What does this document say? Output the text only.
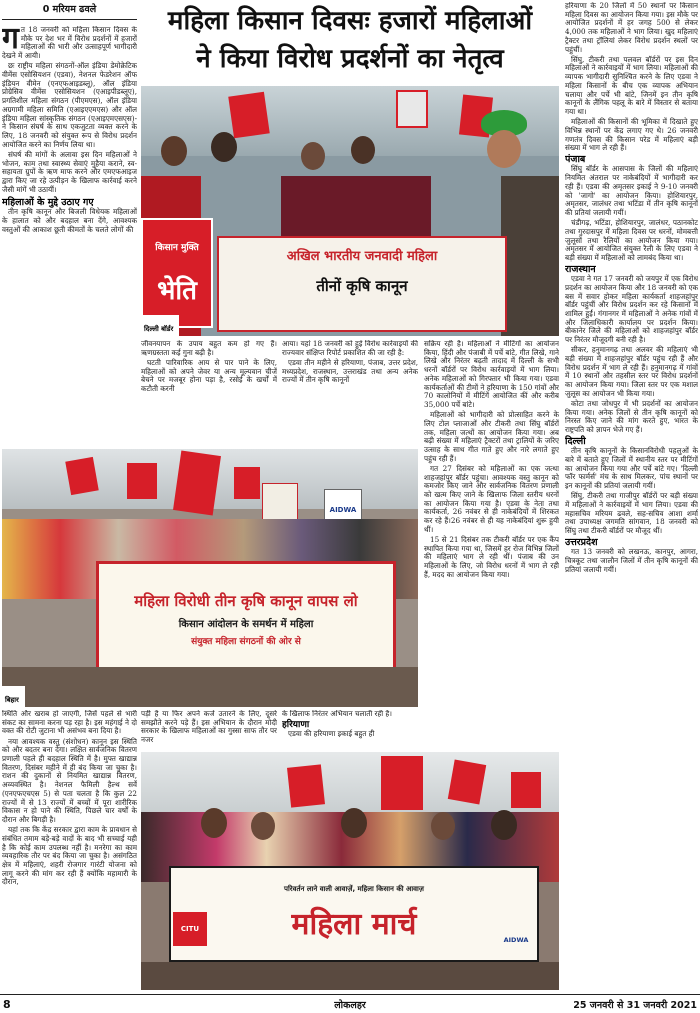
0 मरियम ढवले	महिला किसान दिवसः हजारों महिलाओं
ने किया विरोध प्रदर्शनों का नेतृत्व

ग त 18 जनवरी को महिला किसान दिवस के मौके पर देश भर में विरोध प्रदर्शनों में हजारों महिलाओं की भारी और उत्साहपूर्ण भागीदारी देखने में आयी।

छः राष्ट्रीय महिला संगठनों-ऑल इंडिया डेमोक्रेटिक वीमेंस एसोसियशन (एडवा), नेशनल फेडरेशन ऑफ इंडियन वीमेन (एनएफआइडब्लू), ऑल इंडिया प्रोग्रेसिव वीमेंस एसोसियशन (एआइपीडब्लूए), प्रगतिशील महिला संगठन (पीएमएस), ऑल इंडिया अग्रगामी महिला समिति (एआइएएमएस) और ऑल इंडिया महिला सांस्कृतिक संगठन (एआइएमएसएस)-ने किसान संघर्ष के साथ एकजुटता व्यक्त करने के लिए, 18 जनवरी को संयुक्त रूप से विरोध प्रदर्शन आयोजित करने का निर्णय लिया था।

संघर्ष की मांगों के अलावा इस दिन महिलाओं ने भोजन, काम तथा स्वास्थ्य सेवाएं मुहैया कराने, स्व-सहायता ग्रुपों के ऋण माफ करने और एमएफआइज द्वारा किए जा रहे उत्पीड़न के खिलाफ कार्रवाई करने जैसी मांगें भी उठायीं।

महिलाओं के मुद्दे उठाए गए

तीन कृषि कानून और बिजली विधेयक महिलाओं के हालात को और बदहाल बना देंगे, आवश्यक वस्तुओं की आकाश छूती कीमतों के चलते लोगों की

किसान मुक्ति
भेति
अखिल भारतीय जनवादी महिला
तीनों कृषि कानून
दिल्ली बॉर्डर

जीवनयापन के उपाय बहुत कम हो गए हैं। ऋणग्रस्तता कई गुना बढ़ी है।

घटती पारिवारिक आय से पार पाने के लिए, महिलाओं को अपने जेवर या अन्य मूल्यवान चीजें बेचने पर मजबूर होना पड़ा है, रसोई के खर्चों में कटौती करनी

आया। यहां 18 जनवरी को हुई विरोध कार्रवाइयों की राज्यवार संक्षिप्त रिपोर्ट प्रकाशित की जा रही है:

एडवा तीन महीने से हरियाणा, पंजाब, उत्तर प्रदेश, मध्यप्रदेश, राजस्थान, उत्तराखंड तथा अन्य अनेक राज्यों में तीन कृषि कानूनों

सक्रिय रही है। महिलाओं ने मीटिंगों का आयोजन किया, हिंदी और पंजाबी में पर्चे बांटे, गीत लिखे, गाने लिखे और निरंतर बढ़ती तादाद में दिल्ली के सभी धरनों बॉर्डरों पर विरोध कार्रवाइयों में भाग लिया। अनेक महिलाओं को गिरफ्तार भी किया गया। एडवा कार्यकर्ताओं की टीमों ने हरियाणा के 150 गांवों और 70 कालोनियों में मीटिंगें आयोजित कीं और करीब 35,000 पर्चे बांटे।

महिलाओं को भागीदारी को प्रोत्साहित करने के लिए टोल प्लाजाओं और टीकरी तथा सिंघु बॉर्डरों तक, महिला जत्थों का आयोजन किया गया। अब बढ़ी संख्या में महिलाएं ट्रैक्टरों तथा ट्रालियों के जरिए उत्साह के साथ गीत गाते हुए और नारे लगाते हुए पहुंच रही हैं।

गत 27 दिसंबर को महिलाओं का एक जत्था शाहजहांपुर बॉर्डर पहुंचा। आवश्यक वस्तु कानून को कमजोर किए जाने और सार्वजनिक वितरण प्रणाली को खत्म किए जाने के खिलाफ जिला स्तरीय धरनों का आयोजन किया गया है। एडवा के नेता तथा कार्यकर्ता, 26 नवंबर से ही नाकेबंदियों में शिरकत कर रहे हैं।26 नवंबर से ही यह नाकेबंदियां शुरू हुयी थीं।

15 से 21 दिसंबर तक टीकरी बॉर्डर पर एक कैंप स्थापित किया गया था, जिसमें हर रोज विभिन्न जिलों की महिलाएं भाग ले रही थीं। पंजाब की उन महिलाओं के लिए, जो विरोध धरनों में भाग ले रही हैं, मदद का आयोजन किया गया।

हरियाणा के 20 जिलों में 50 स्थानों पर किसान महिला दिवस का आयोजन किया गया। इस मौके पर आयोजित प्रदर्शनों में हर जगह 500 से लेकर 4,000 तक महिलाओं ने भाग लिया। खुद महिलाएं ट्रैक्टर तथा ट्रॉलियां लेकर विरोध प्रदर्शन स्थलों पर पहुंचीं।

सिंघु, टीकरी तथा पलवल बॉर्डरों पर इस दिन महिलाओं ने कार्रवाइयों में भाग लिया। महिलाओं की व्यापक भागीदारी सुनिश्चित करने के लिए एडवा ने महिला किसानों के बीच एक व्यापक अभियान चलाया और पर्चे भी बांटे, जिनमें इन तीन कृषि कानूनों के लैंगिक पहलू के बारे में विस्तार से बताया गया था।

महिलाओं की किसानों की भूमिका में दिखाते हुए विभिन्न स्थानों पर केंद्र लगाए गए थे। 26 जनवरी गणतंत्र दिवस की किसान परेड में महिलाएं बड़ी संख्या में भाग ले रही हैं।

पंजाब

सिंघु बॉर्डर के आसपास के जिलों की महिलाएं नियमित अंतराल पर नाकेबंदियों में भागीदारी कर रही हैं। एडवा की अमृतसर इकाई ने 9-10 जनवरी को 'जागो' का आयोजन किया। होशियारपुर, अमृतसर, जालंधर तथा भटिंडा में तीन कृषि कानूनों की प्रतियां जलायी गयीं।

चंडीगढ़, भटिंडा, होशियारपुर, जालंधर, पठानकोट तथा गुरदासपुर में महिला दिवस पर धरनों, मोमबत्ती जुलूसों तथा रैलियों का आयोजन किया गया। अमृतसर में आयोजित संयुक्त रैली के लिए एडवा ने बड़ी संख्या में महिलाओं को लामबंद किया था।

राजस्थान

एडवा ने गत 17 जनवरी को जयपुर में एक विरोध प्रदर्शन का आयोजन किया और 18 जनवरी को एक बस में सवार होकर महिला कार्यकर्ता शाहजहांपुर बॉर्डर पहुंचीं और विरोध प्रदर्शन कर रहे किसानों में शामिल हुईं। गंगानगर में महिलाओं ने अनेक गांवों में और जिलाधिकारी कार्यालय पर प्रदर्शन किया। बीकानेर जिले की महिलाओं को शाहजहांपुर बॉर्डर पर निरंतर मौजूदगी बनी रही है।

सीकर, हनुमानगढ़ तथा अलवर की महिलाएं भी बड़ी संख्या में शाहजहांपुर बॉर्डर पहुंच रही हैं और विरोध प्रदर्शन में भाग ले रही हैं। हनुमानगढ़ में गांवों में 10 स्थानों और तहसील स्तर पर विरोध प्रदर्शनों का आयोजन किया गया। जिला स्तर पर एक मशाल जुलूस का आयोजन भी किया गया।

कोटा तथा जोधपुर में भी प्रदर्शनों का आयोजन किया गया। अनेक जिलों से तीन कृषि कानूनों को निरस्त किए जाने की मांग करते हुए, भारत के राष्ट्रपति को ज्ञापन भेजे गए हैं।

दिल्ली

तीन कृषि कानूनों के किसानविरोधी पहलुओं के बारे में बताते हुए जिलों में स्थानीय स्तर पर मीटिंगों का आयोजन किया गया और पर्चे बांटे गए। 'दिल्ली फॉर फार्मर्स' मंच के साथ मिलकर, पांच स्थानों पर इन कानूनों की प्रतियां जलायी गयीं।

सिंघु, टीकरी तथा गाजीपुर बॉर्डरों पर बड़ी संख्या में महिलाओं ने कार्रवाइयों में भाग लिया। एडवा की महासचिव मरियम ढवले, सह-सचिव आशा शर्मा तथा उपाध्यक्ष जगमति सांगवान, 18 जनवरी को सिंघु तथा टीकरी बॉर्डरों पर मौजूद थीं।

उत्तरप्रदेश

गत 13 जनवरी को लखनऊ, कानपुर, आगरा, चित्रकूट तथा जालौन जिलों में तीन कृषि कानूनों की प्रतियां जलायी गयीं।

AIDWA
महिला विरोधी तीन कृषि कानून वापस लो
किसान आंदोलन के समर्थन में महिला
संयुक्त महिला संगठनों की ओर से
बिहार

स्थिति और खराब हो जाएगी, जिसें पहले से भारी संकट का सामना करना पड़ रहा है। इस महंगाई ने दो वक्त की रोटी जुटाना भी असंभव बना दिया है।

नया आवश्यक वस्तु (संशोधन) कानून इस स्थिति को और बदतर बना देगा। लक्षित सार्वजनिक वितरण प्रणाली पहले ही बदहाल स्थिति में है। मुफ्त खाद्यान्न वितरण, दिसंबर महीने में ही बंद किया जा चुका है। राशन की दुकानों से नियमित खाद्यान्न वितरण, अव्यवस्थित है। नेशनल फैमिली हैल्थ सर्वे (एनएफएचएस 5) से पता चलता है कि कुल 22 राज्यों में से 13 राज्यों में बच्चों में पूरा शारीरिक विकास न हो पाने की स्थिति, पिछले चार वर्षों के दौरान और बिगड़ी है।

यहां तक कि केंद्र सरकार द्वारा काम के प्रावधान से संबंधित तमाम बड़े-बड़े वादों के बाद भी सच्चाई यही है कि कोई काम उपलब्ध नहीं है। मनरेगा का काम व्यवहारिक तौर पर बंद किया जा चुका है। असंगठित क्षेत्र में महिलाएं, शहरी रोजगार गारंटी योजना को लागू करने की मांग कर रही हैं क्योंकि महामारी के दौरान,

पड़ी है या फिर अपने कर्ज उतारने के लिए, दूसरे समझौते करने पड़े हैं। इस अभियान के दौरान मोदी सरकार के खिलाफ महिलाओं का गुस्सा साफ तौर पर नजर

के खिलाफ निरंतर अभियान चलाती रही है।

हरियाणा

एडवा की हरियाणा इकाई बहुत ही

परिवर्तन लाने वाली आवाज़ें, महिला किसान की आवाज़
महिला मार्च
CITU
AIDWA
8	लोकलहर	25 जनवरी से 31 जनवरी 2021
